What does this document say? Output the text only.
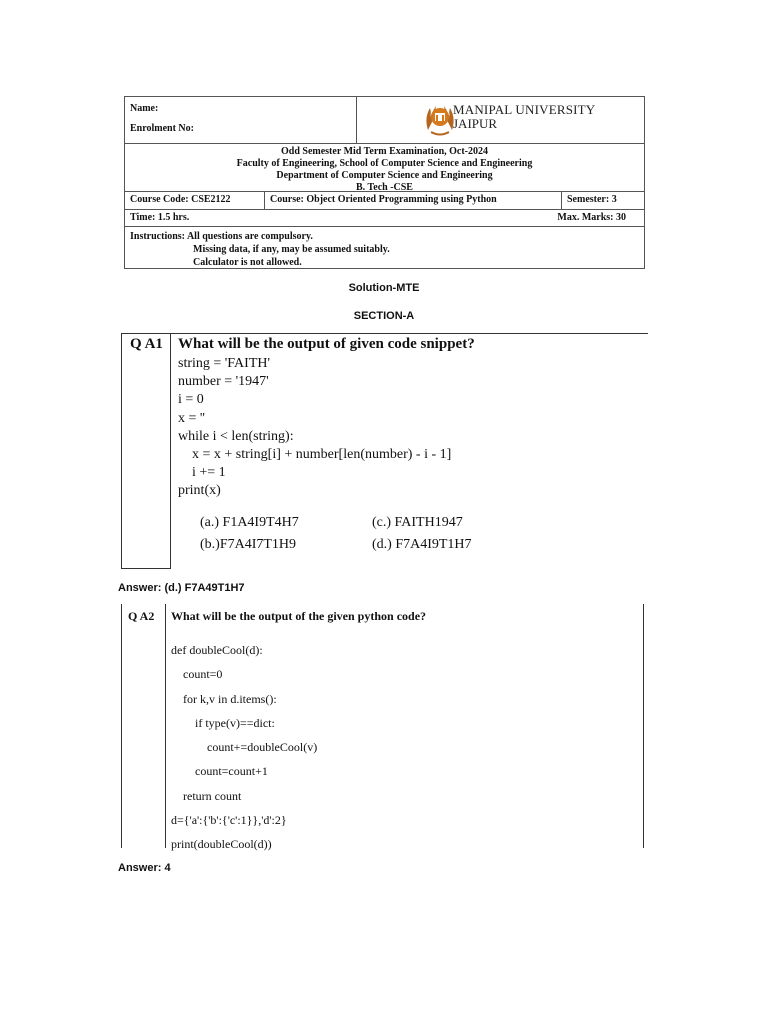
Name:
Enrolment No:
MANIPAL UNIVERSITY
JAIPUR
Odd Semester Mid Term Examination, Oct-2024
Faculty of Engineering, School of Computer Science and Engineering
Department of Computer Science and Engineering
B. Tech -CSE
Course Code: CSE2122	Course: Object Oriented Programming using Python	Semester: 3
Time: 1.5 hrs.	Max. Marks: 30
Instructions: All questions are compulsory.
Missing data, if any, may be assumed suitably.
Calculator is not allowed.
Solution-MTE
SECTION-A
Q A1 What will be the output of given code snippet?
string = 'FAITH'
number = '1947'
i = 0
x = ''
while i < len(string):
x = x + string[i] + number[len(number) - i - 1]
i += 1
print(x)
(a.) F1A4I9T4H7
(b.)F7A4I7T1H9
(c.) FAITH1947
(d.) F7A4I9T1H7
Answer: (d.) F7A49T1H7
Q A2 What will be the output of the given python code?
def doubleCool(d):
count=0
for k,v in d.items():
if type(v)==dict:
count+=doubleCool(v)
count=count+1
return count
d={'a':{'b':{'c':1}},'d':2}
print(doubleCool(d))
Answer: 4
